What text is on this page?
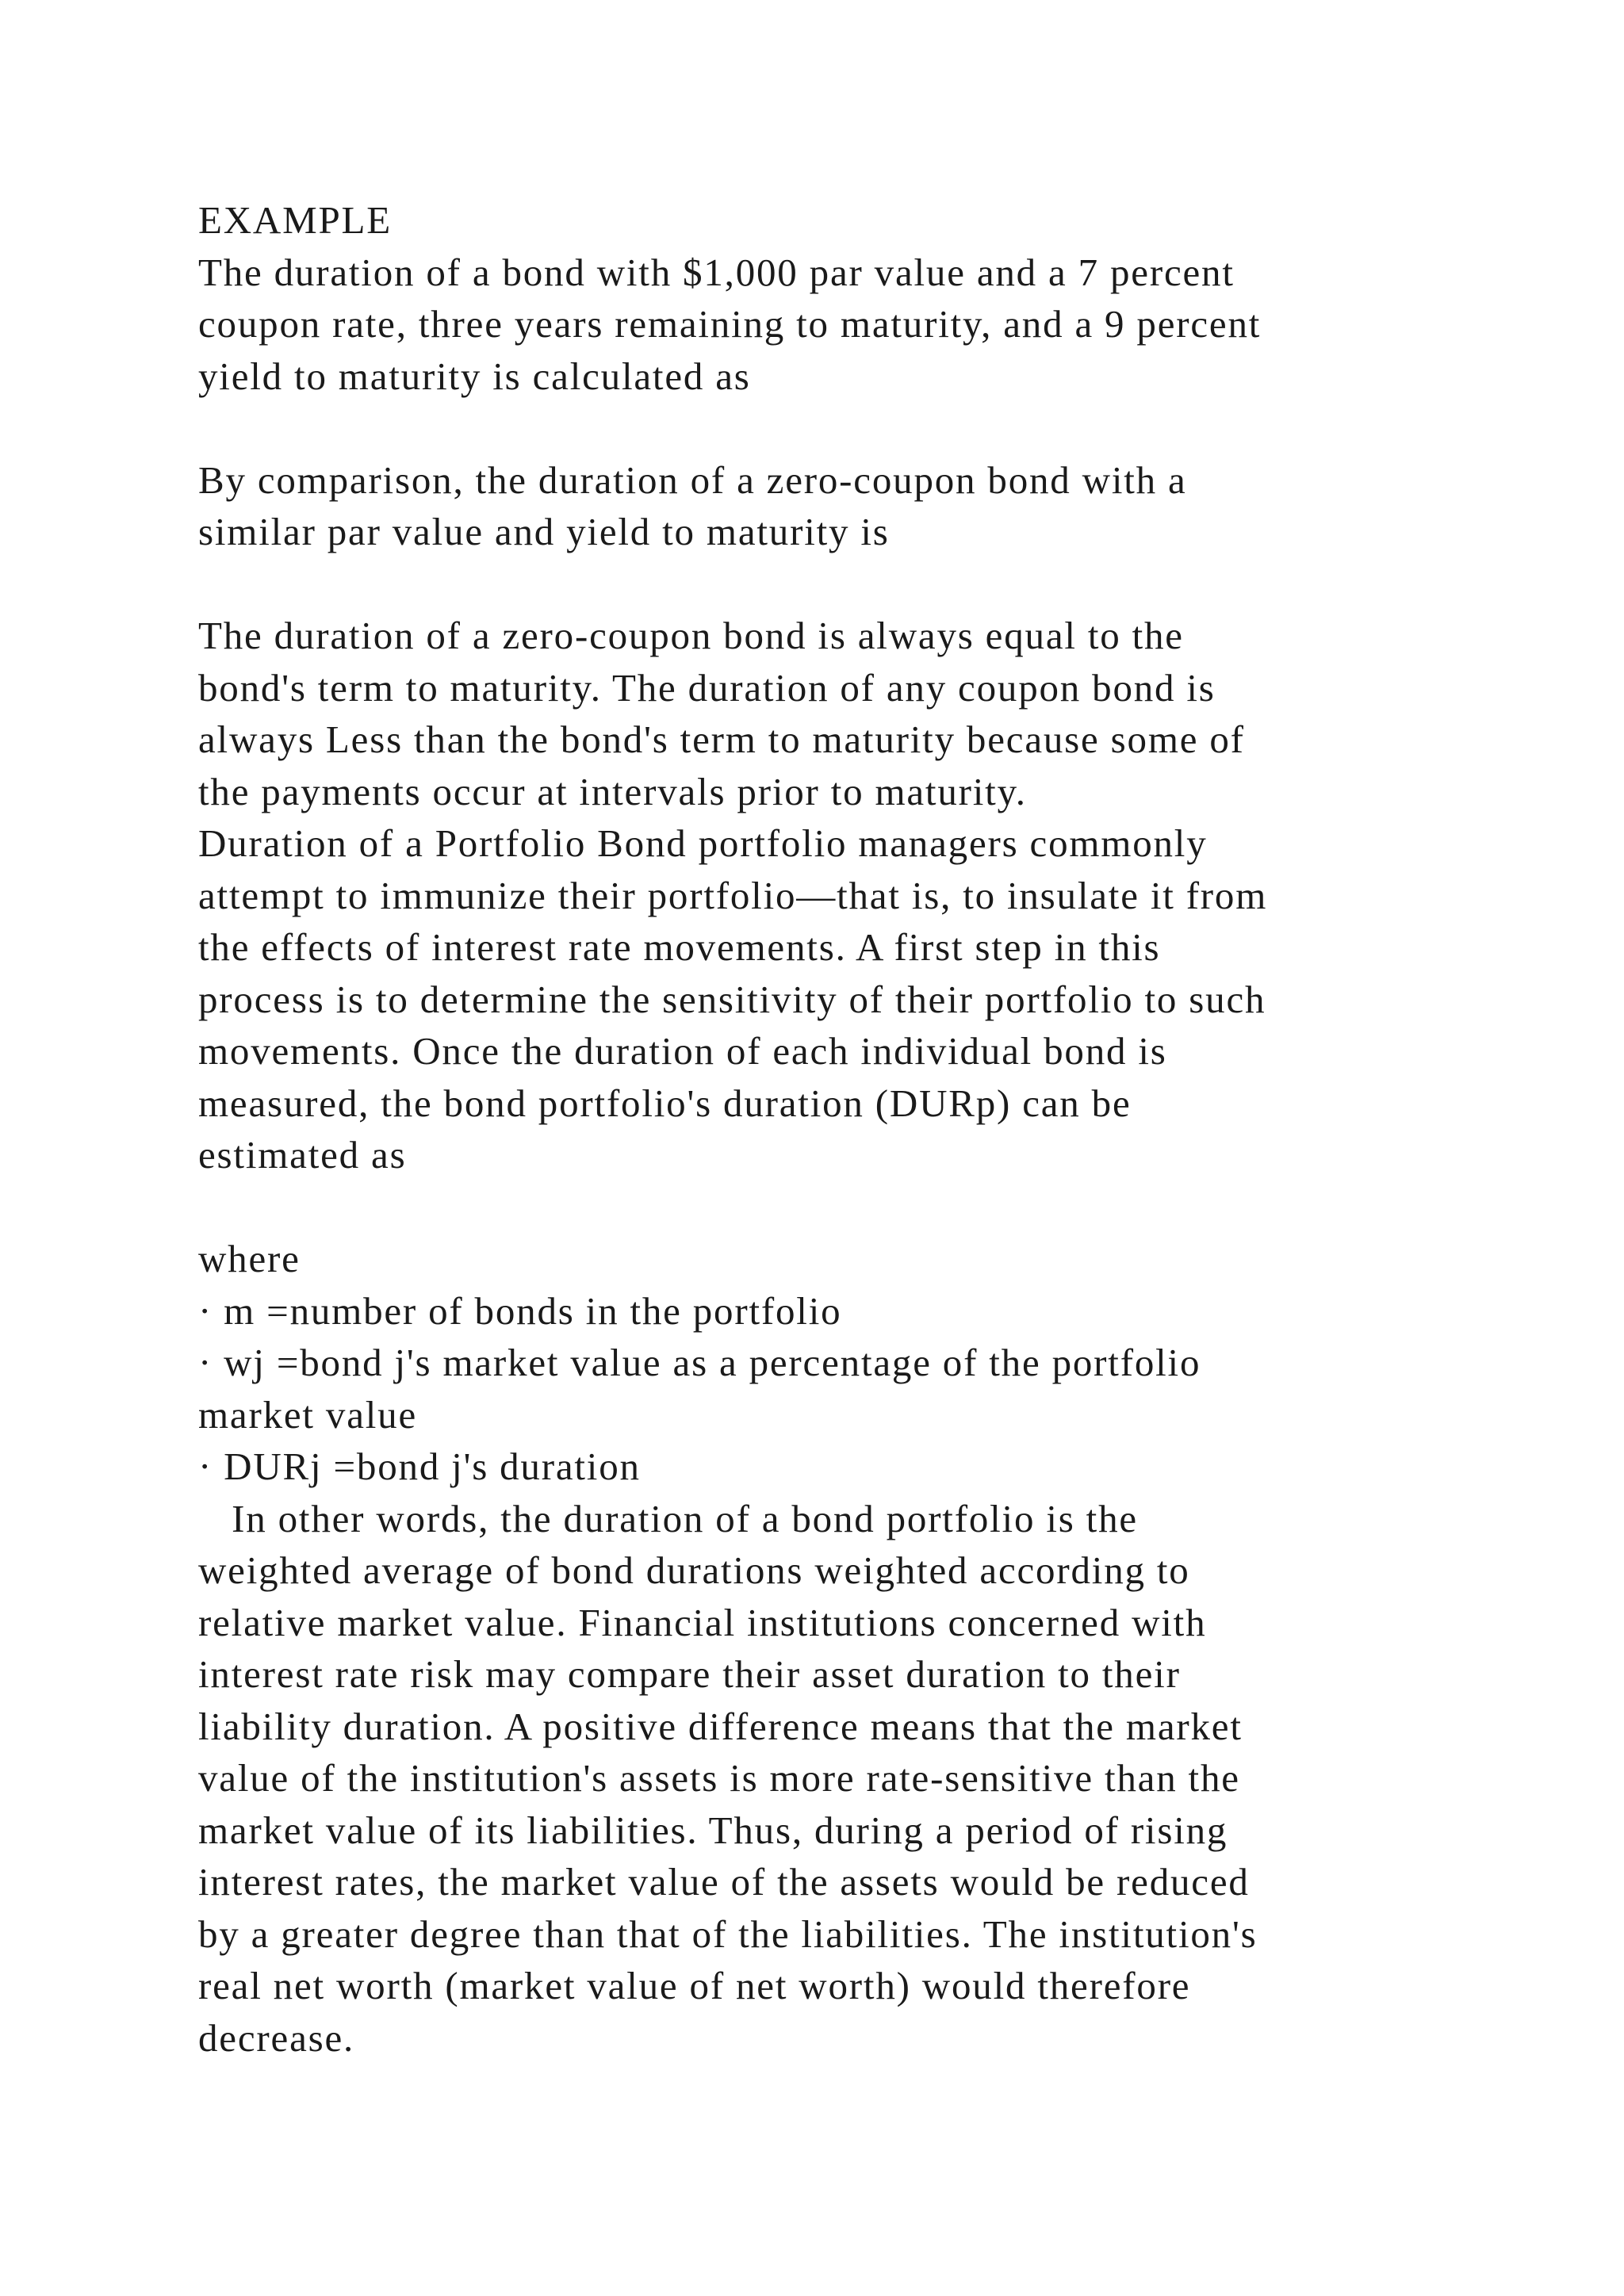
EXAMPLE
The duration of a bond with $1,000 par value and a 7 percent
coupon rate, three years remaining to maturity, and a 9 percent
yield to maturity is calculated as
By comparison, the duration of a zero-coupon bond with a
similar par value and yield to maturity is
The duration of a zero-coupon bond is always equal to the
bond's term to maturity. The duration of any coupon bond is
always Less than the bond's term to maturity because some of
the payments occur at intervals prior to maturity.
Duration of a Portfolio Bond portfolio managers commonly
attempt to immunize their portfolio—that is, to insulate it from
the effects of interest rate movements. A first step in this
process is to determine the sensitivity of their portfolio to such
movements. Once the duration of each individual bond is
measured, the bond portfolio's duration (DURp) can be
estimated as
where
· m =number of bonds in the portfolio
· wj =bond j's market value as a percentage of the portfolio
market value
· DURj =bond j's duration
In other words, the duration of a bond portfolio is the
weighted average of bond durations weighted according to
relative market value. Financial institutions concerned with
interest rate risk may compare their asset duration to their
liability duration. A positive difference means that the market
value of the institution's assets is more rate-sensitive than the
market value of its liabilities. Thus, during a period of rising
interest rates, the market value of the assets would be reduced
by a greater degree than that of the liabilities. The institution's
real net worth (market value of net worth) would therefore
decrease.
